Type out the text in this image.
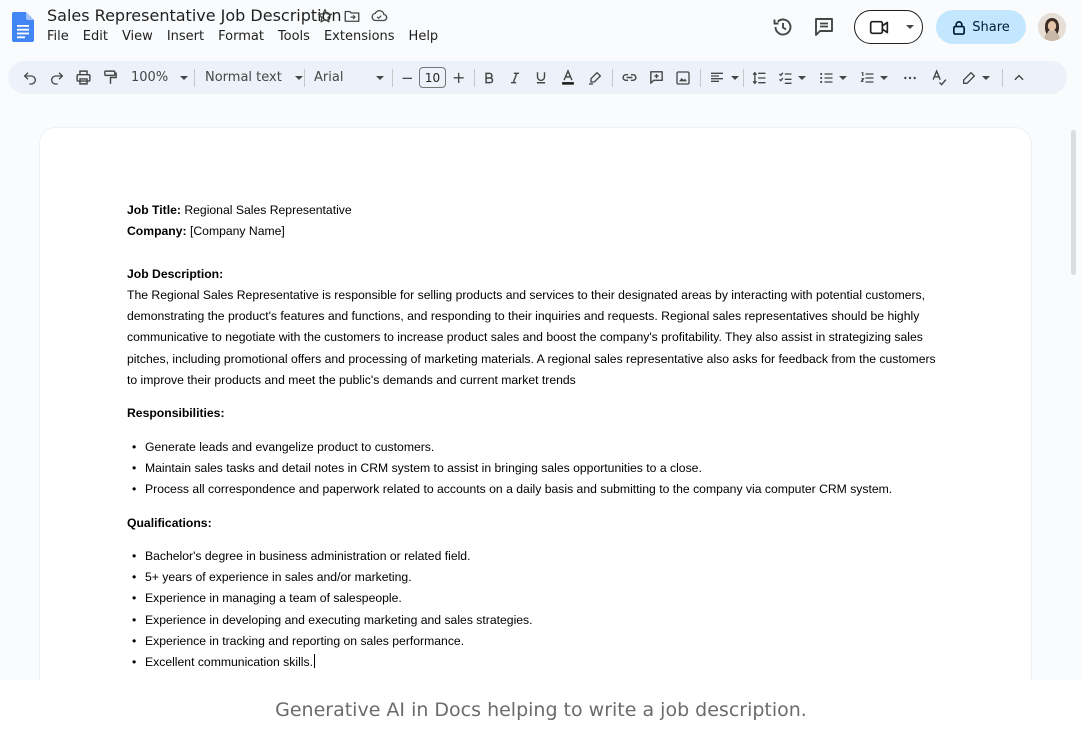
Sales Representative Job Description
File	Edit	View	Insert	Format	Tools	Extensions	Help
Share
100%	Normal text Arial	− 10 +

Job Title: Regional Sales Representative

Company: [Company Name]

Job Description:

The Regional Sales Representative is responsible for selling products and services to their designated areas by interacting with potential customers, demonstrating the product's features and functions, and responding to their inquiries and requests. Regional sales representatives should be highly communicative to negotiate with the customers to increase product sales and boost the company's profitability. They also assist in strategizing sales pitches, including promotional offers and processing of marketing materials. A regional sales representative also asks for feedback from the customers to improve their products and meet the public's demands and current market trends

Responsibilities:

• Generate leads and evangelize product to customers.
• Maintain sales tasks and detail notes in CRM system to assist in bringing sales opportunities to a close.
• Process all correspondence and paperwork related to accounts on a daily basis and submitting to the company via computer CRM system.

Qualifications:

• Bachelor's degree in business administration or related field.
• 5+ years of experience in sales and/or marketing.
• Experience in managing a team of salespeople.
• Experience in developing and executing marketing and sales strategies.
• Experience in tracking and reporting on sales performance.
• Excellent communication skills.
Generative AI in Docs helping to write a job description.
